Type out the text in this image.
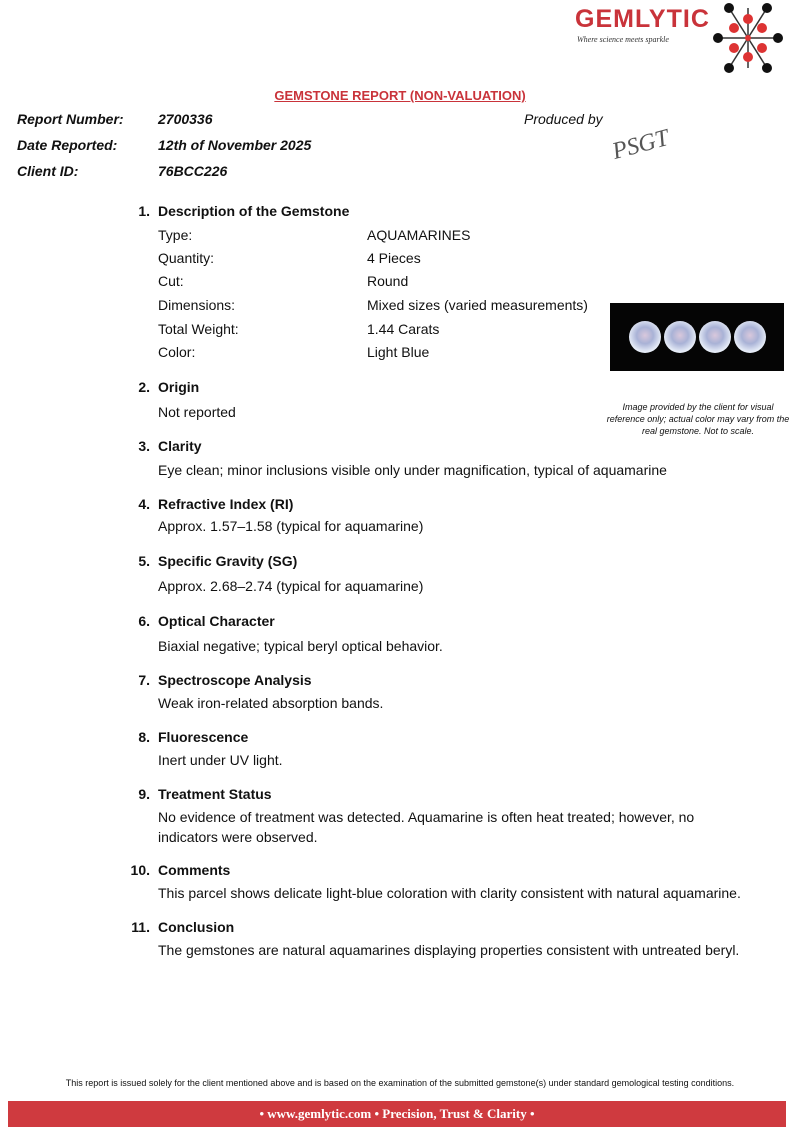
GEMLYTIC
Where science meets sparkle
GEMSTONE REPORT (NON-VALUATION)
Report Number: 2700336	Produced by
PSGT
Date Reported:	12th of November 2025
Client ID:	76BCC226
1. Description of the Gemstone
Type:	AQUAMARINES
Quantity:	4 Pieces
Cut:	Round
Dimensions:	Mixed sizes (varied measurements)
Total Weight:	1.44 Carats
Color:	Light Blue
Image provided by the client for visual reference only; actual color may vary from the real gemstone. Not to scale.
2. Origin
Not reported
3. Clarity
Eye clean; minor inclusions visible only under magnification, typical of aquamarine
4. Refractive Index (RI)
Approx. 1.57–1.58 (typical for aquamarine)
5. Specific Gravity (SG)
Approx. 2.68–2.74 (typical for aquamarine)
6. Optical Character
Biaxial negative; typical beryl optical behavior.
7. Spectroscope Analysis
Weak iron-related absorption bands.
8. Fluorescence
Inert under UV light.
9. Treatment Status
No evidence of treatment was detected. Aquamarine is often heat treated; however, no indicators were observed.
10. Comments
This parcel shows delicate light-blue coloration with clarity consistent with natural aquamarine.
11. Conclusion
The gemstones are natural aquamarines displaying properties consistent with untreated beryl.
This report is issued solely for the client mentioned above and is based on the examination of the submitted gemstone(s) under standard gemological testing conditions.
• www.gemlytic.com • Precision, Trust & Clarity •
